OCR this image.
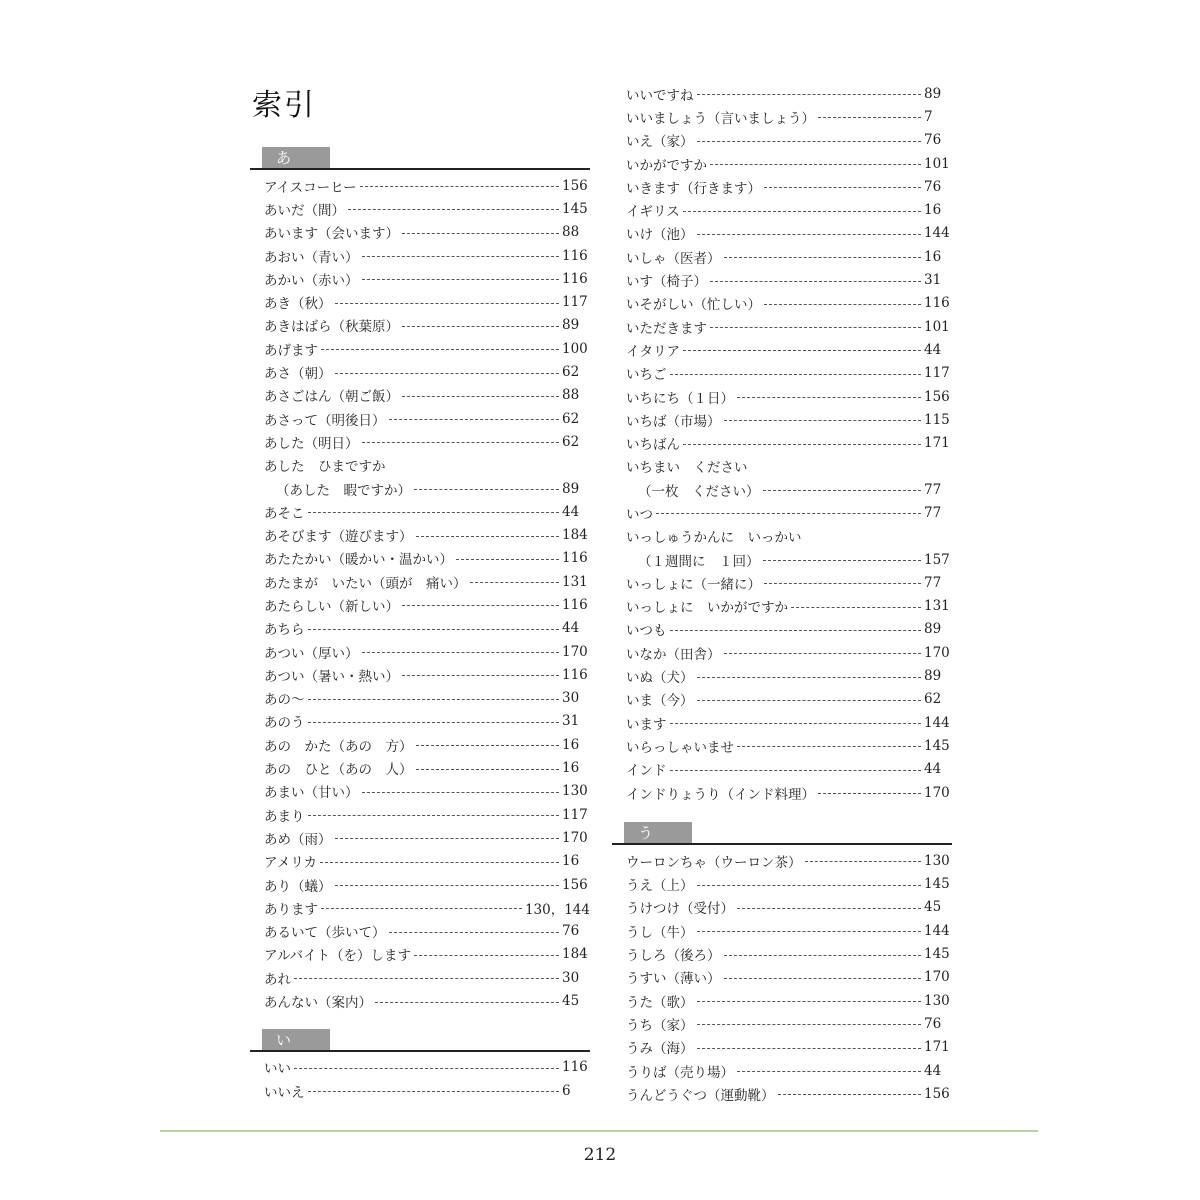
索引
あ
アイスコーヒー	156
あいだ（間）	145
あいます（会います）	88
あおい（青い）	116
あかい（赤い）	116
あき（秋）	117
あきはばら（秋葉原）	89
あげます	100
あさ（朝）	62
あさごはん（朝ご飯）	88
あさって（明後日）	62
あした（明日）	62
あした　ひまですか
（あした　暇ですか）	89
あそこ	44
あそびます（遊びます）	184
あたたかい（暖かい・温かい）	116
あたまが　いたい（頭が　痛い）	131
あたらしい（新しい）	116
あちら	44
あつい（厚い）	170
あつい（暑い・熱い）	116
あの～	30
あのう	31
あの　かた（あの　方）	16
あの　ひと（あの　人）	16
あまい（甘い）	130
あまり	117
あめ（雨）	170
アメリカ	16
あり（蟻）	156
あります	130，144
あるいて（歩いて）	76
アルバイト（を）します	184
あれ	30
あんない（案内）	45
い
いい	116
いいえ	6
いいですね	89
いいましょう（言いましょう）	7
いえ（家）	76
いかがですか	101
いきます（行きます）	76
イギリス	16
いけ（池）	144
いしゃ（医者）	16
いす（椅子）	31
いそがしい（忙しい）	116
いただきます	101
イタリア	44
いちご	117
いちにち（１日）	156
いちば（市場）	115
いちばん	171
いちまい　ください
（一枚　ください）	77
いつ	77
いっしゅうかんに　いっかい
（１週間に　１回）	157
いっしょに（一緒に）	77
いっしょに　いかがですか	131
いつも	89
いなか（田舎）	170
いぬ（犬）	89
いま（今）	62
います	144
いらっしゃいませ	145
インド	44
インドりょうり（インド料理）	170
う
ウーロンちゃ（ウーロン茶）	130
うえ（上）	145
うけつけ（受付）	45
うし（牛）	144
うしろ（後ろ）	145
うすい（薄い）	170
うた（歌）	130
うち（家）	76
うみ（海）	171
うりば（売り場）	44
うんどうぐつ（運動靴）	156
212
